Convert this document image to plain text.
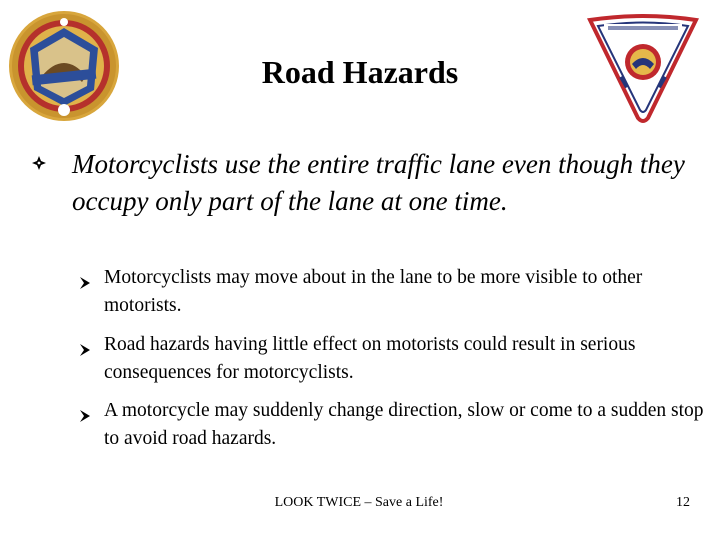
Road Hazards
Motorcyclists use the entire traffic lane even though they occupy only part of the lane at one time.
Motorcyclists may move about in the lane to be more visible to other motorists.
Road hazards having little effect on motorists could result in serious consequences for motorcyclists.
A motorcycle may suddenly change direction, slow or come to a sudden stop to avoid road hazards.
LOOK TWICE – Save a Life!	12
